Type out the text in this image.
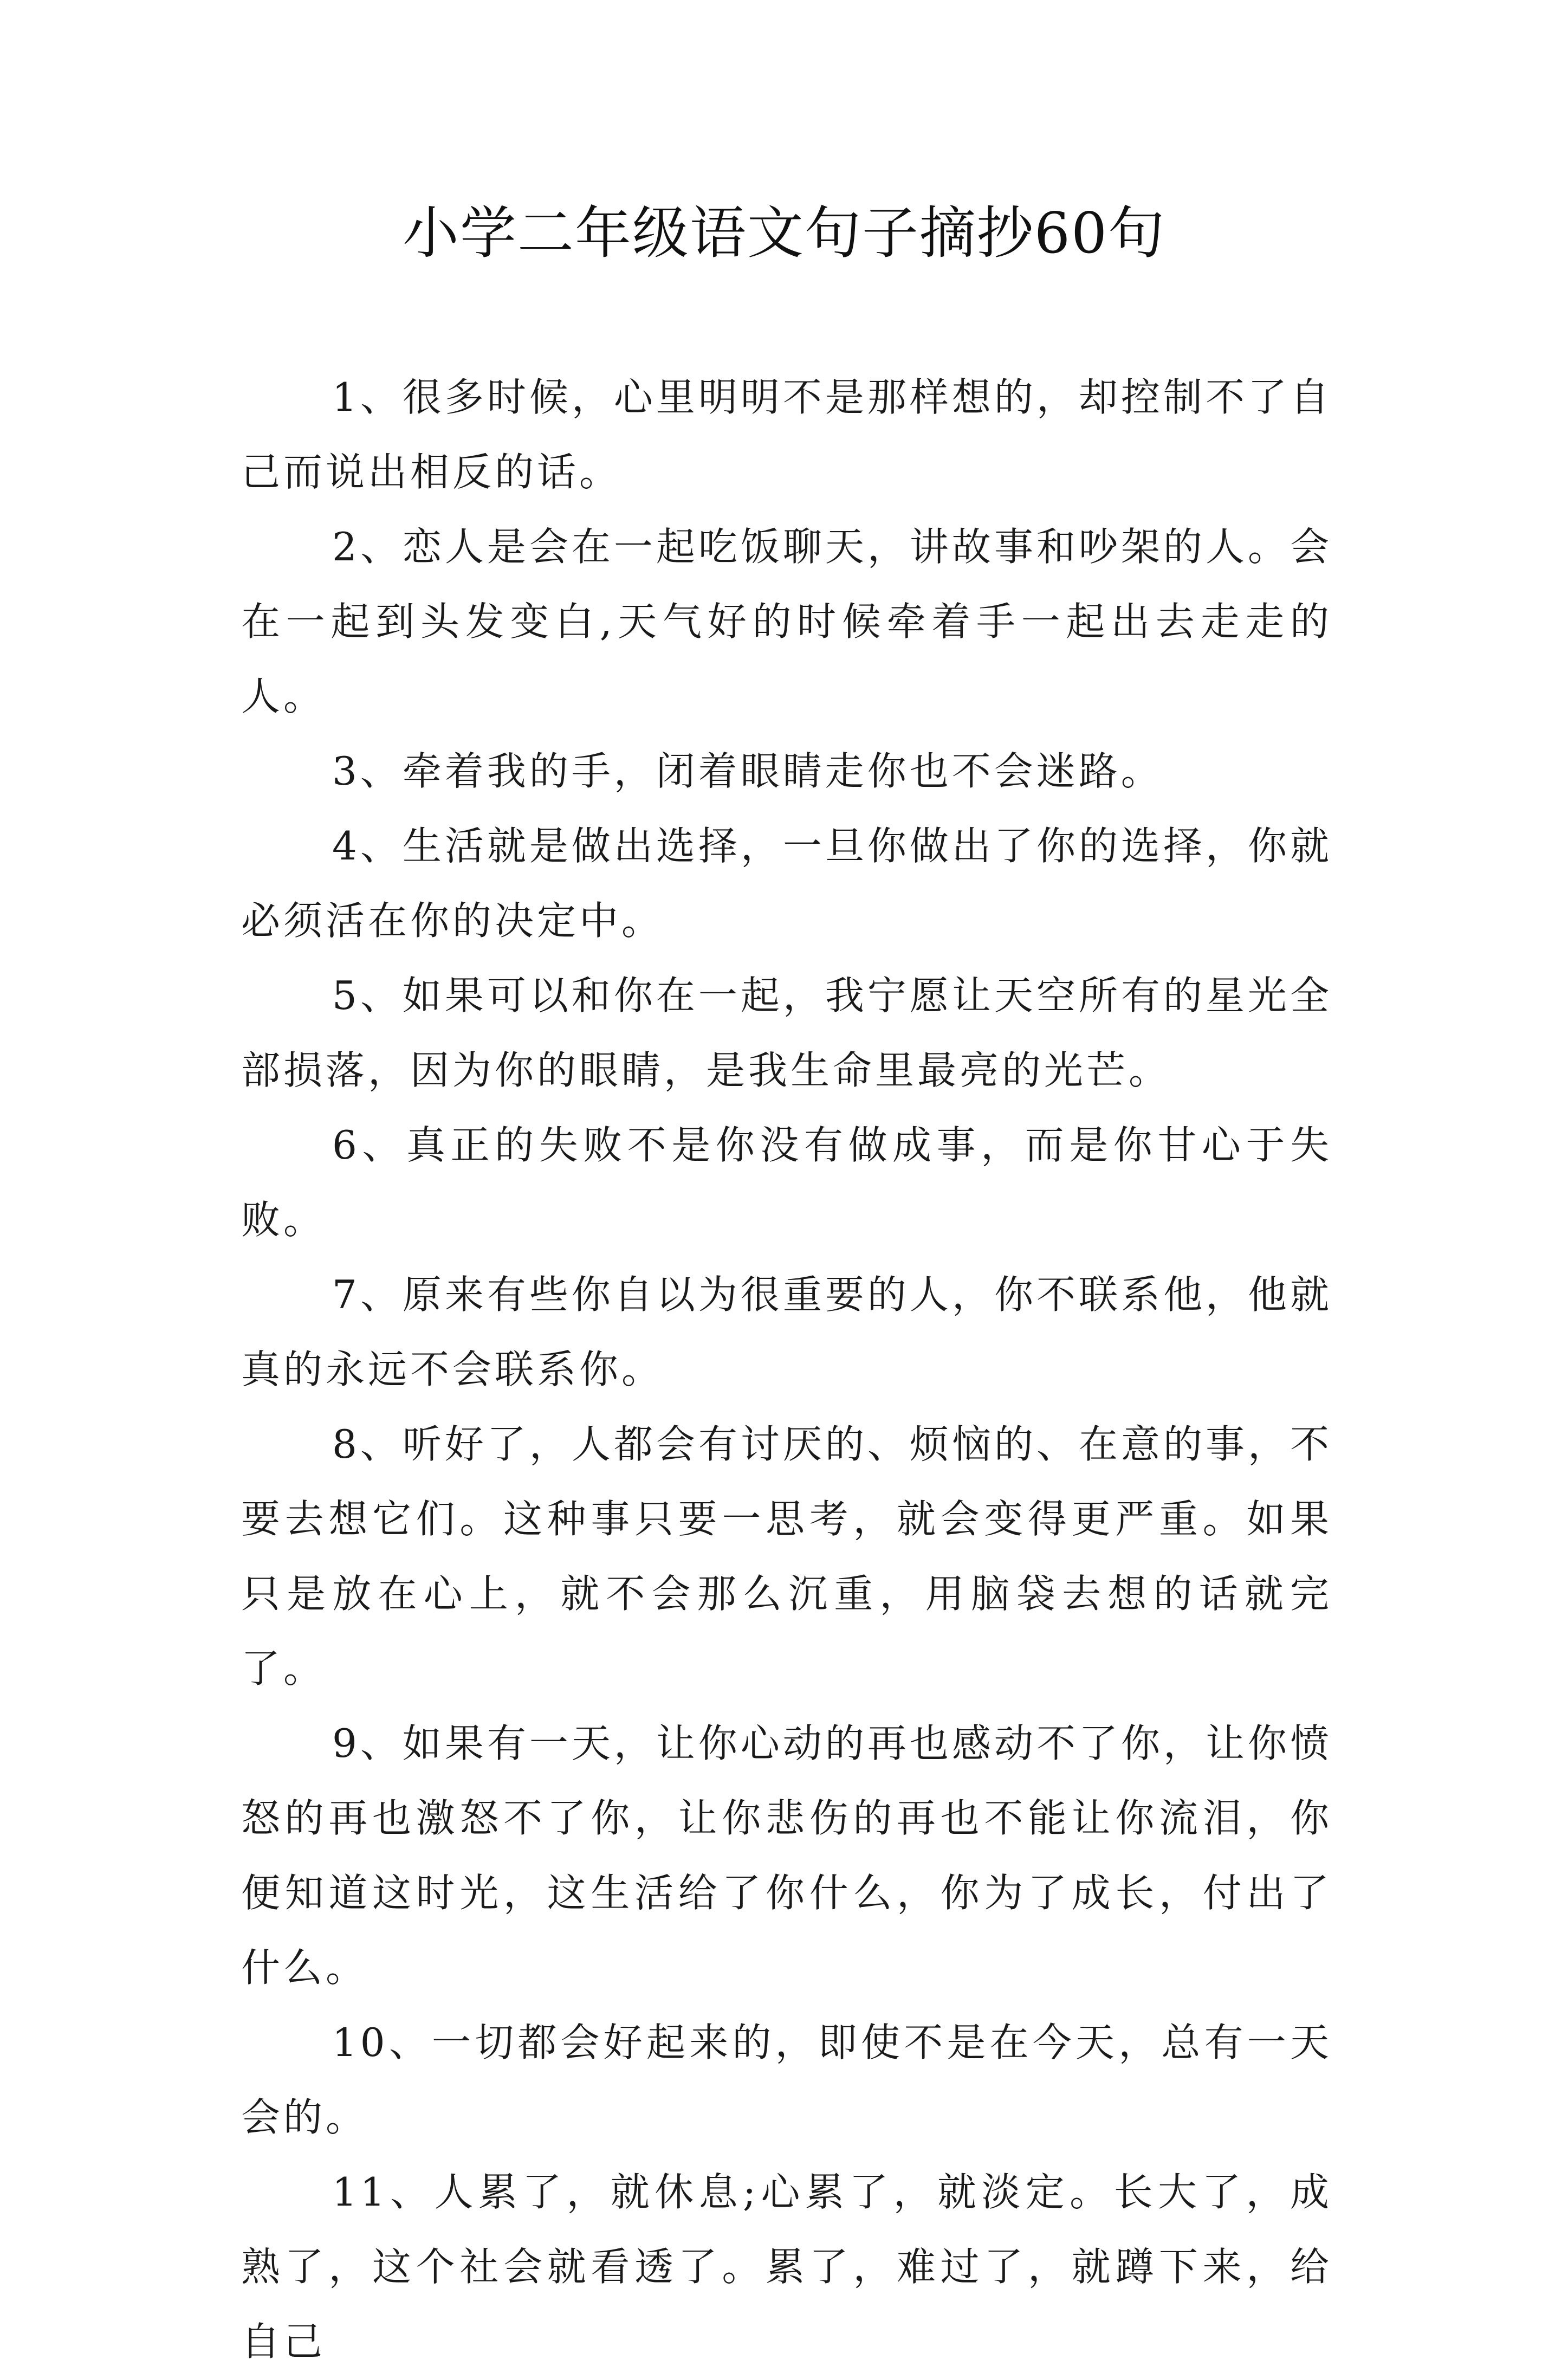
小学二年级语文句子摘抄60句

1、很多时候，心里明明不是那样想的，却控制不了自己而说出相反的话。

2、恋人是会在一起吃饭聊天，讲故事和吵架的人。会在一起到头发变白,天气好的时候牵着手一起出去走走的人。

3、牵着我的手，闭着眼睛走你也不会迷路。

4、生活就是做出选择，一旦你做出了你的选择，你就必须活在你的决定中。

5、如果可以和你在一起，我宁愿让天空所有的星光全部损落，因为你的眼睛，是我生命里最亮的光芒。

6、真正的失败不是你没有做成事，而是你甘心于失败。

7、原来有些你自以为很重要的人，你不联系他，他就真的永远不会联系你。

8、听好了，人都会有讨厌的、烦恼的、在意的事，不要去想它们。这种事只要一思考，就会变得更严重。如果只是放在心上，就不会那么沉重，用脑袋去想的话就完了。

9、如果有一天，让你心动的再也感动不了你，让你愤怒的再也激怒不了你，让你悲伤的再也不能让你流泪，你便知道这时光，这生活给了你什么，你为了成长，付出了什么。

10、一切都会好起来的，即使不是在今天，总有一天会的。

11、人累了，就休息;心累了，就淡定。长大了，成熟了，这个社会就看透了。累了，难过了，就蹲下来，给自己
